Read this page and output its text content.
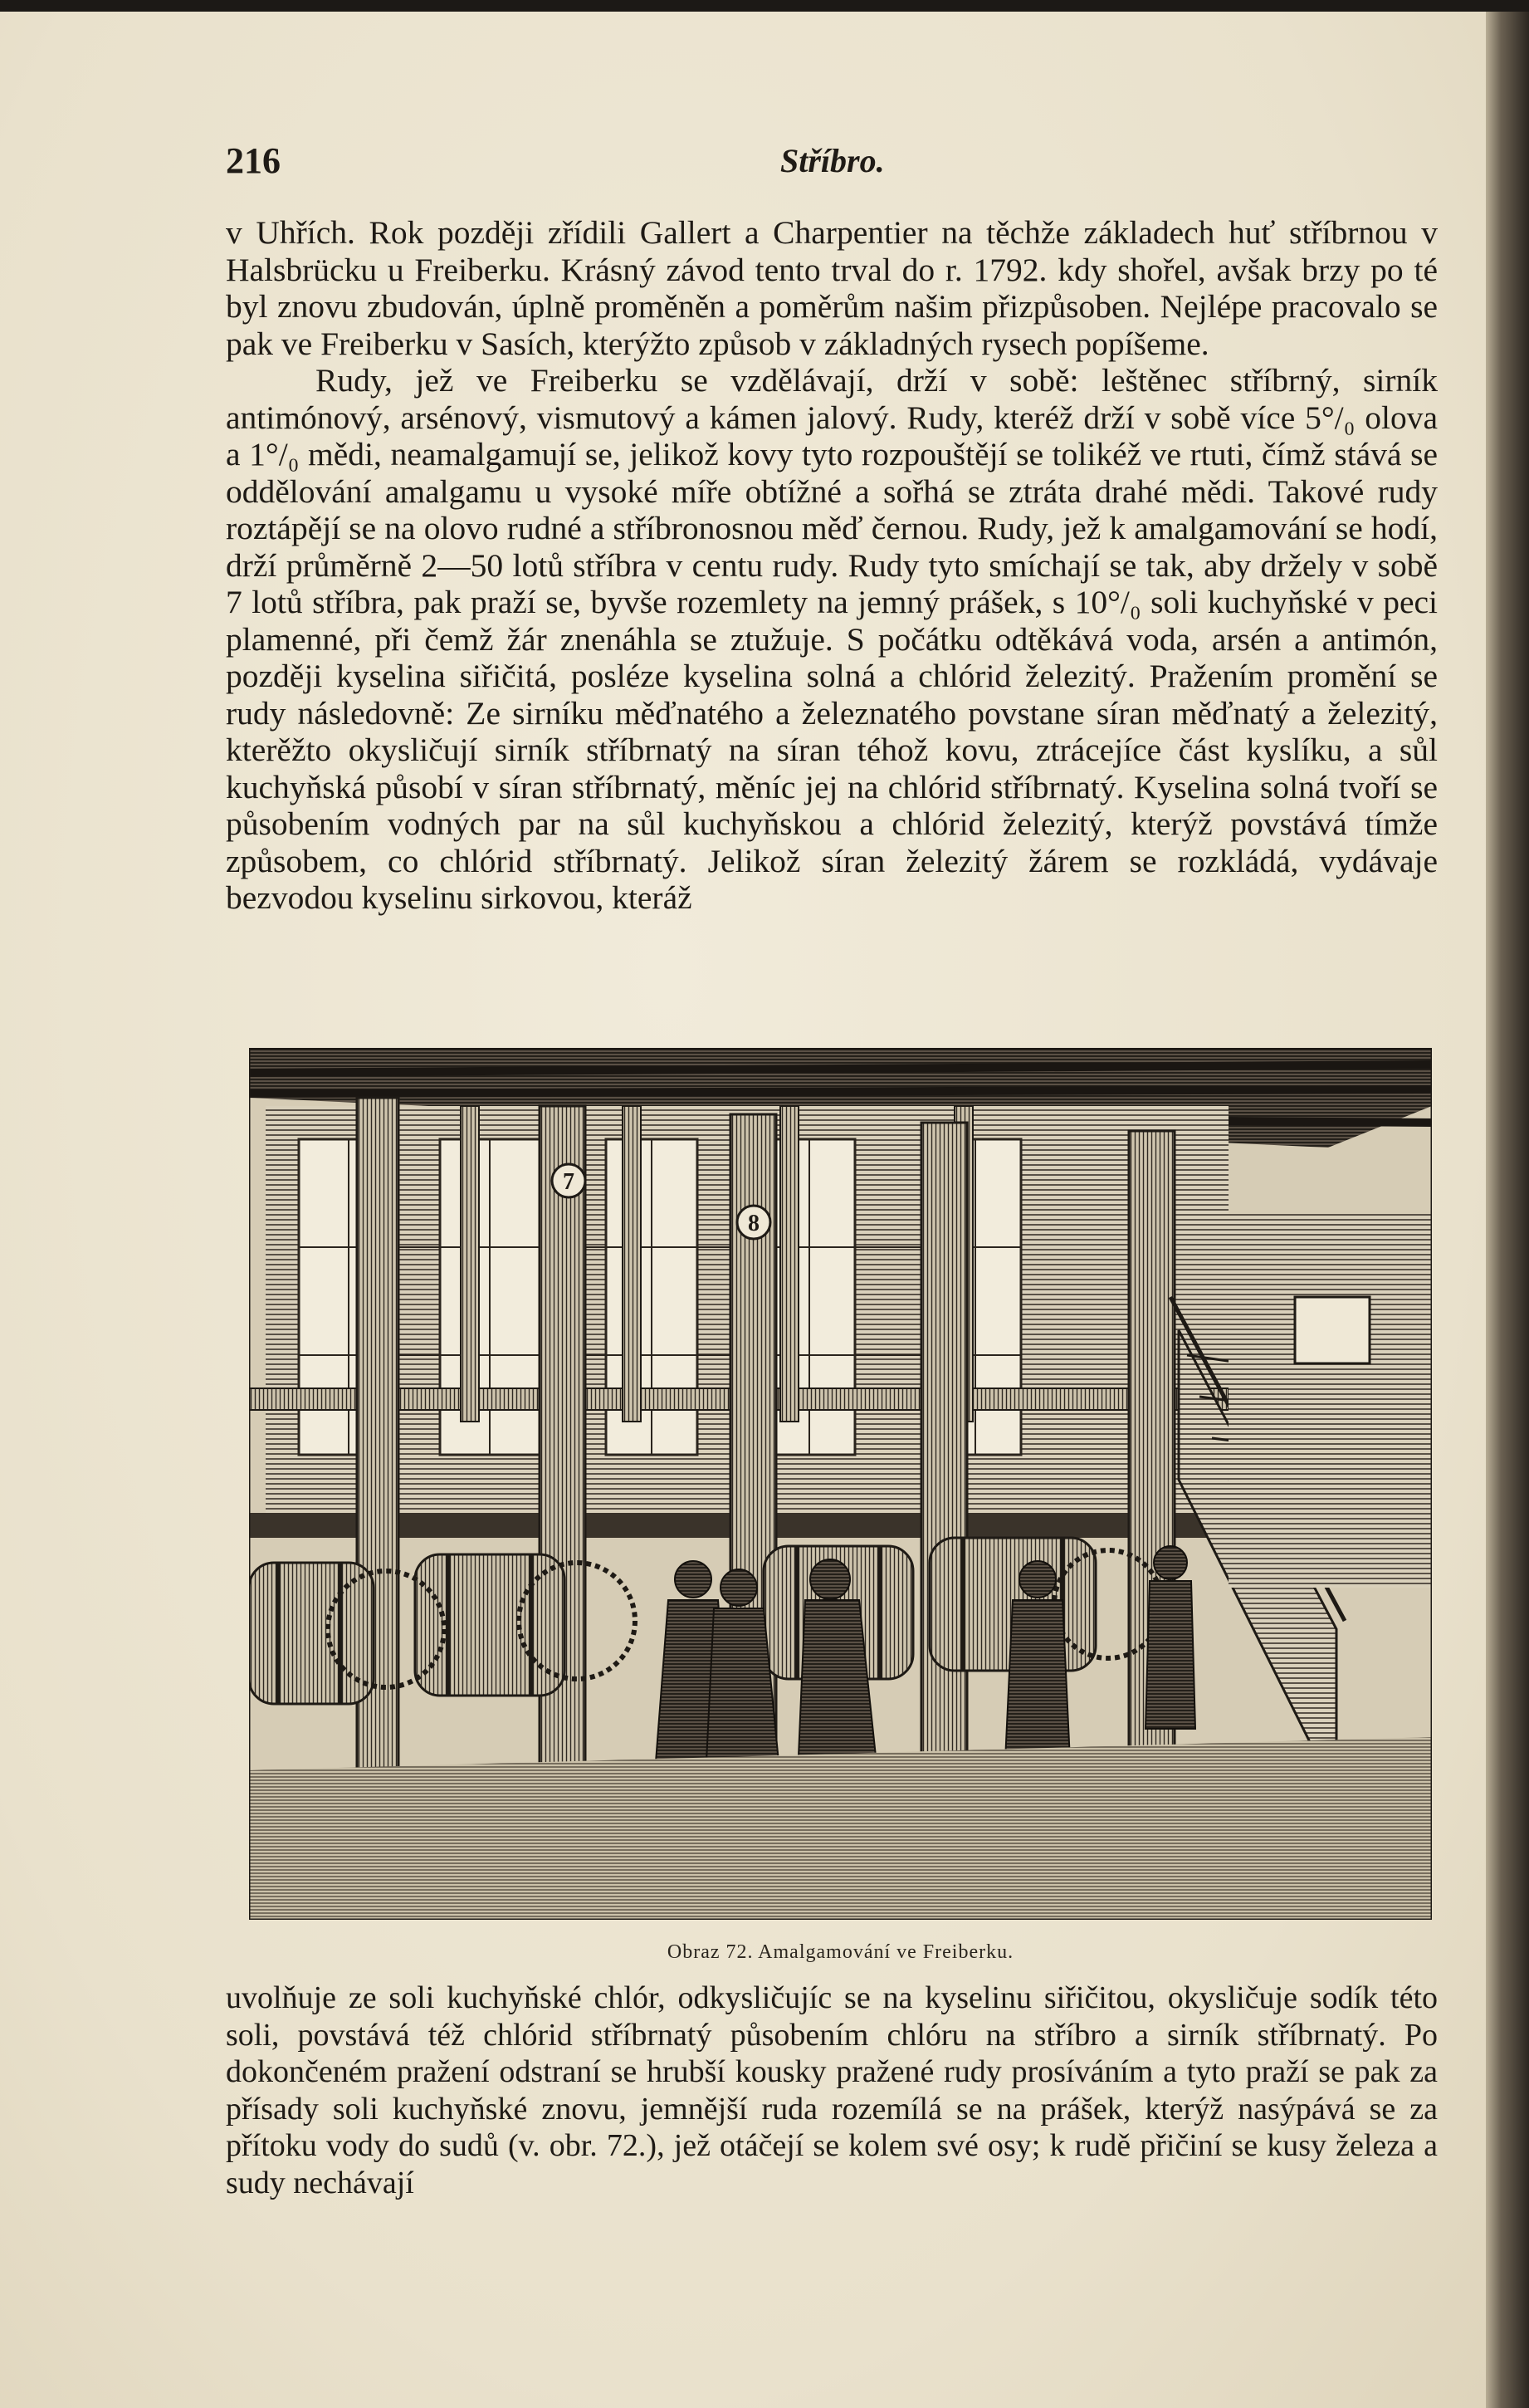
216	Stříbro.

v Uhřích. Rok později zřídili Gallert a Charpentier na těchže základech huť stříbrnou v Halsbrücku u Freiberku. Krásný závod tento trval do r. 1792. kdy shořel, avšak brzy po té byl znovu zbudován, úplně proměněn a poměrům našim přizpůsoben. Nejlépe pracovalo se pak ve Freiberku v Sasích, kterýžto způsob v základných rysech popíšeme.

Rudy, jež ve Freiberku se vzdělávají, drží v sobě: leštěnec stříbrný, sirník antimónový, arsénový, vismutový a kámen jalový. Rudy, kteréž drží v sobě více 5°/₀ olova a 1°/₀ mědi, neamalgamují se, jelikož kovy tyto rozpouštějí se tolikéž ve rtuti, čímž stává se oddělování amalgamu u vysoké míře obtížné a sořhá se ztráta drahé mědi. Takové rudy roztápějí se na olovo rudné a stříbronosnou měď černou. Rudy, jež k amalgamování se hodí, drží průměrně 2—50 lotů stříbra v centu rudy. Rudy tyto smíchají se tak, aby držely v sobě 7 lotů stříbra, pak praží se, byvše rozemlety na jemný prášek, s 10°/₀ soli kuchyňské v peci plamenné, při čemž žár znenáhla se ztužuje. S počátku odtěkává voda, arsén a antimón, později kyselina siřičitá, posléze kyselina solná a chlórid železitý. Pražením promění se rudy následovně: Ze sirníku měďnatého a železnatého povstane síran měďnatý a železitý, kterěžto okysličují sirník stříbrnatý na síran téhož kovu, ztrácejíce část kyslíku, a sůl kuchyňská působí v síran stříbrnatý, měníc jej na chlórid stříbrnatý. Kyselina solná tvoří se působením vodných par na sůl kuchyňskou a chlórid železitý, kterýž povstává tímže způsobem, co chlórid stříbrnatý. Jelikož síran železitý žárem se rozkládá, vydávaje bezvodou kyselinu sirkovou, kteráž

7
8
Obraz 72. Amalgamování ve Freiberku.

uvolňuje ze soli kuchyňské chlór, odkysličujíc se na kyselinu siřičitou, okysličuje sodík této soli, povstává též chlórid stříbrnatý působením chlóru na stříbro a sirník stříbrnatý. Po dokončeném pražení odstraní se hrubší kousky pražené rudy prosíváním a tyto praží se pak za přísady soli kuchyňské znovu, jemnější ruda rozemílá se na prášek, kterýž nasýpává se za přítoku vody do sudů (v. obr. 72.), jež otáčejí se kolem své osy; k rudě přičiní se kusy železa a sudy nechávají
